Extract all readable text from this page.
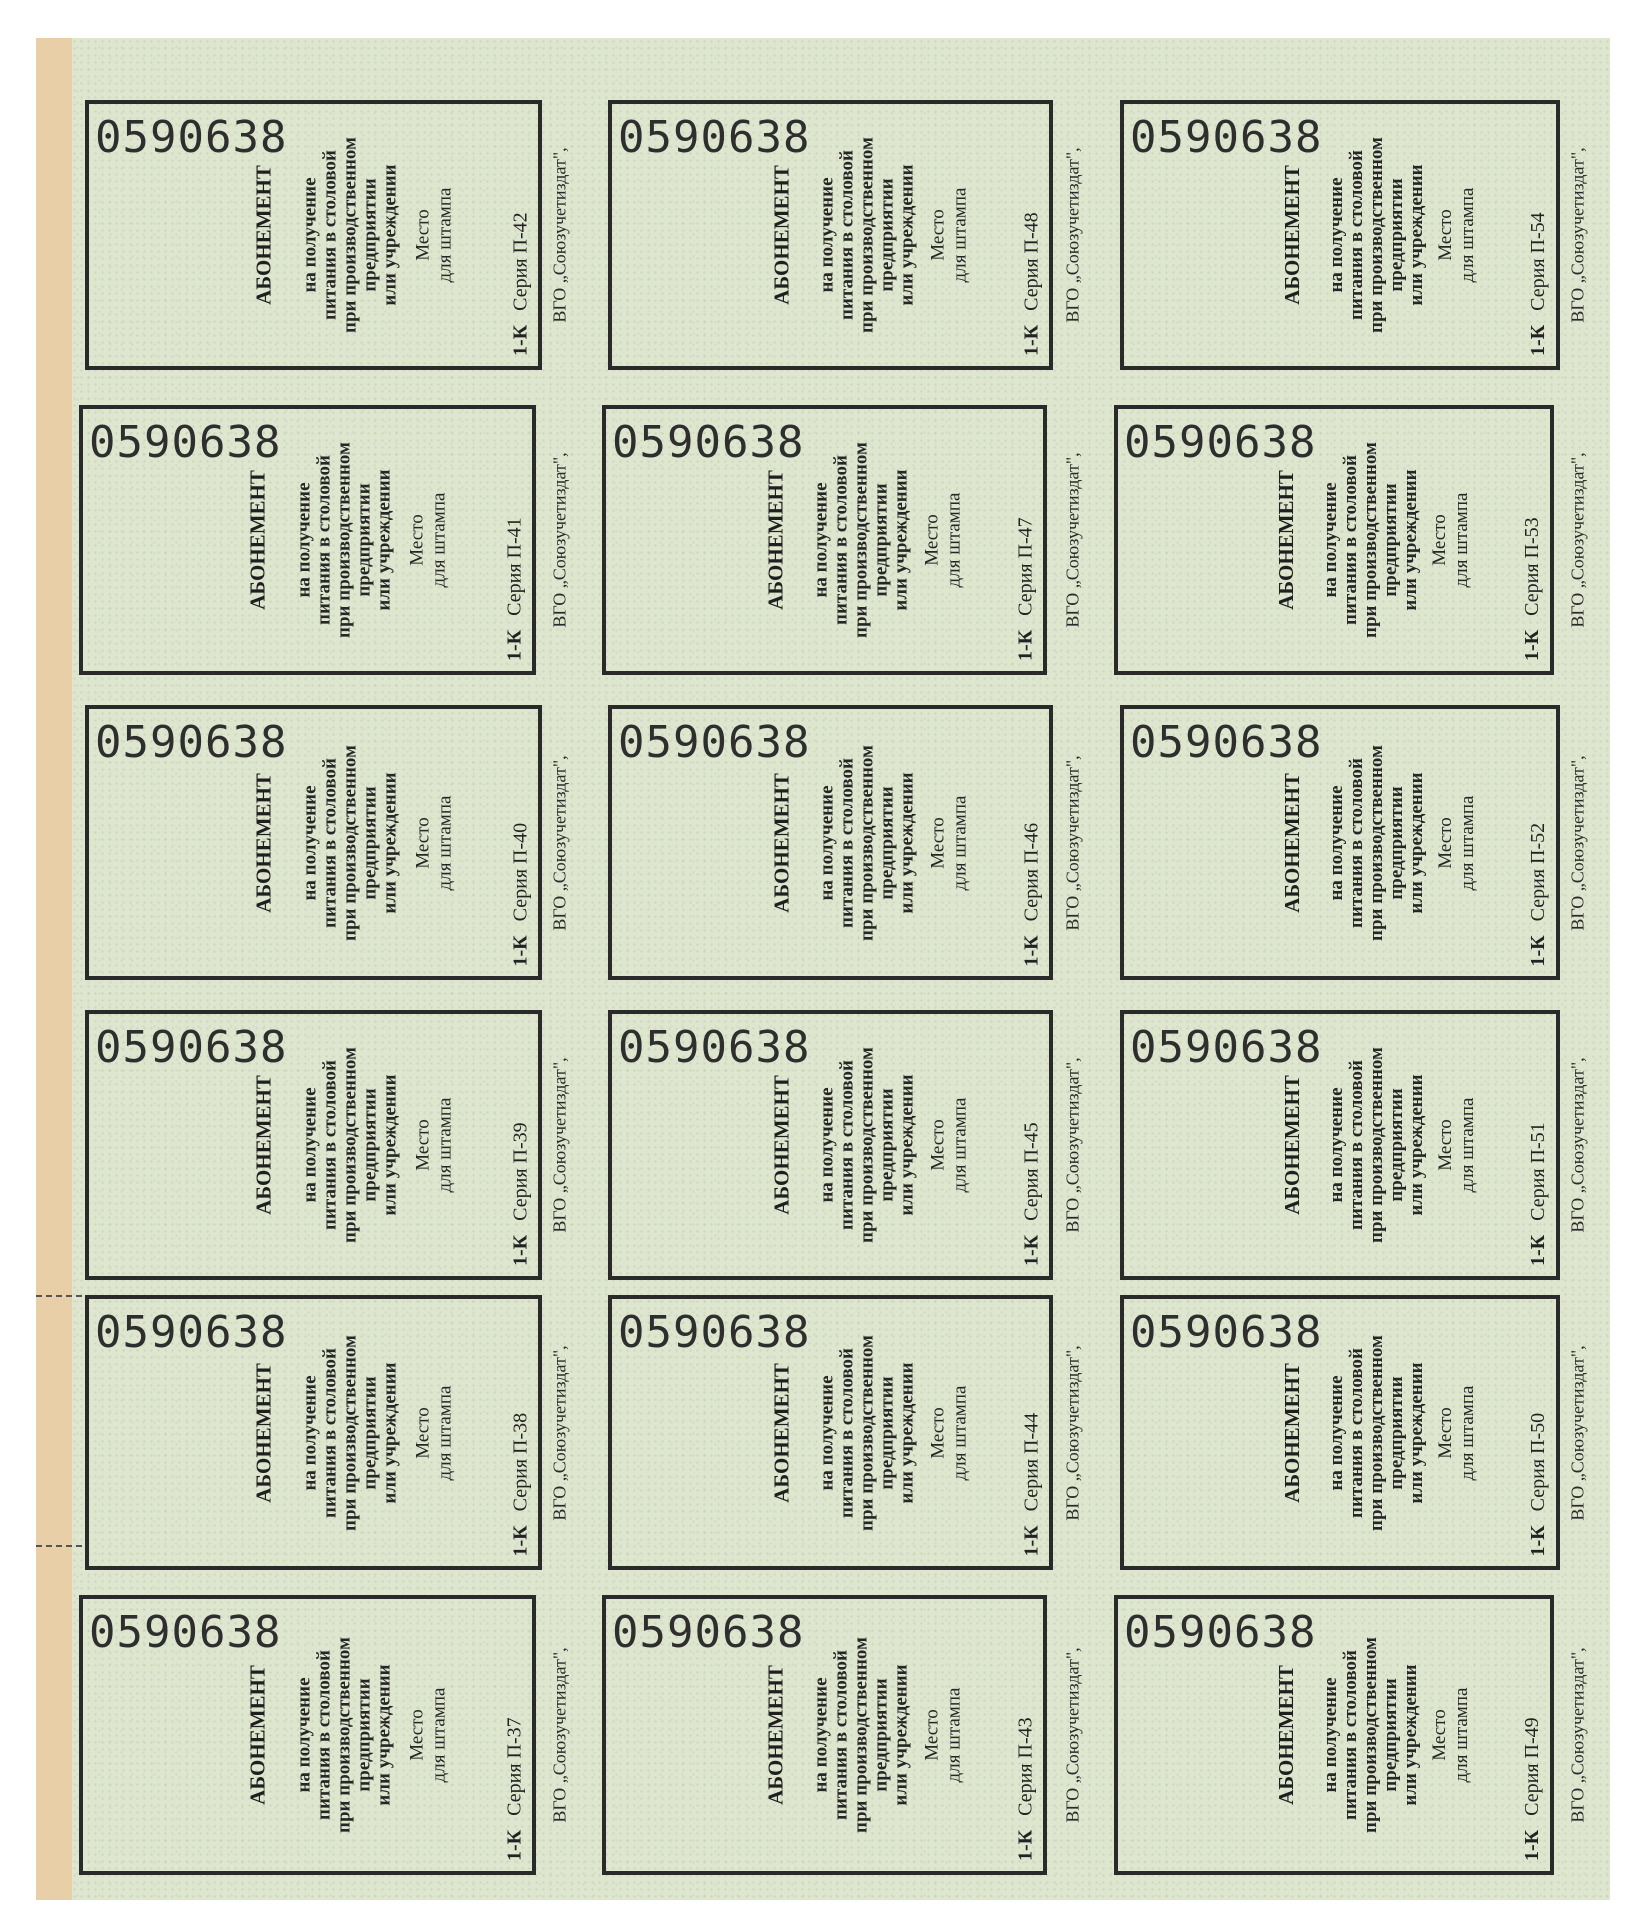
АБОНЕМЕНТ на получение питания в столовой при производственном предприятии или учреждении Место для штампа
1-КСерия П-42
0590638
ВГО „Союзучетиздат",
АБОНЕМЕНТ на получение питания в столовой при производственном предприятии или учреждении Место для штампа
1-КСерия П-41
0590638
ВГО „Союзучетиздат",
АБОНЕМЕНТ на получение питания в столовой при производственном предприятии или учреждении Место для штампа
1-КСерия П-40
0590638
ВГО „Союзучетиздат",
АБОНЕМЕНТ на получение питания в столовой при производственном предприятии или учреждении Место для штампа
1-КСерия П-39
0590638
ВГО „Союзучетиздат",
АБОНЕМЕНТ на получение питания в столовой при производственном предприятии или учреждении Место для штампа
1-КСерия П-38
0590638
ВГО „Союзучетиздат",
АБОНЕМЕНТ на получение питания в столовой при производственном предприятии или учреждении Место для штампа
1-КСерия П-37
0590638
ВГО „Союзучетиздат",
АБОНЕМЕНТ на получение питания в столовой при производственном предприятии или учреждении Место для штампа
1-КСерия П-48
0590638
ВГО „Союзучетиздат",
АБОНЕМЕНТ на получение питания в столовой при производственном предприятии или учреждении Место для штампа
1-КСерия П-47
0590638
ВГО „Союзучетиздат",
АБОНЕМЕНТ на получение питания в столовой при производственном предприятии или учреждении Место для штампа
1-КСерия П-46
0590638
ВГО „Союзучетиздат",
АБОНЕМЕНТ на получение питания в столовой при производственном предприятии или учреждении Место для штампа
1-КСерия П-45
0590638
ВГО „Союзучетиздат",
АБОНЕМЕНТ на получение питания в столовой при производственном предприятии или учреждении Место для штампа
1-КСерия П-44
0590638
ВГО „Союзучетиздат",
АБОНЕМЕНТ на получение питания в столовой при производственном предприятии или учреждении Место для штампа
1-КСерия П-43
0590638
ВГО „Союзучетиздат",
АБОНЕМЕНТ на получение питания в столовой при производственном предприятии или учреждении Место для штампа
1-КСерия П-54
0590638
ВГО „Союзучетиздат",
АБОНЕМЕНТ на получение питания в столовой при производственном предприятии или учреждении Место для штампа
1-КСерия П-53
0590638
ВГО „Союзучетиздат",
АБОНЕМЕНТ на получение питания в столовой при производственном предприятии или учреждении Место для штампа
1-КСерия П-52
0590638
ВГО „Союзучетиздат",
АБОНЕМЕНТ на получение питания в столовой при производственном предприятии или учреждении Место для штампа
1-КСерия П-51
0590638
ВГО „Союзучетиздат",
АБОНЕМЕНТ на получение питания в столовой при производственном предприятии или учреждении Место для штампа
1-КСерия П-50
0590638
ВГО „Союзучетиздат",
АБОНЕМЕНТ на получение питания в столовой при производственном предприятии или учреждении Место для штампа
1-КСерия П-49
0590638
ВГО „Союзучетиздат",
